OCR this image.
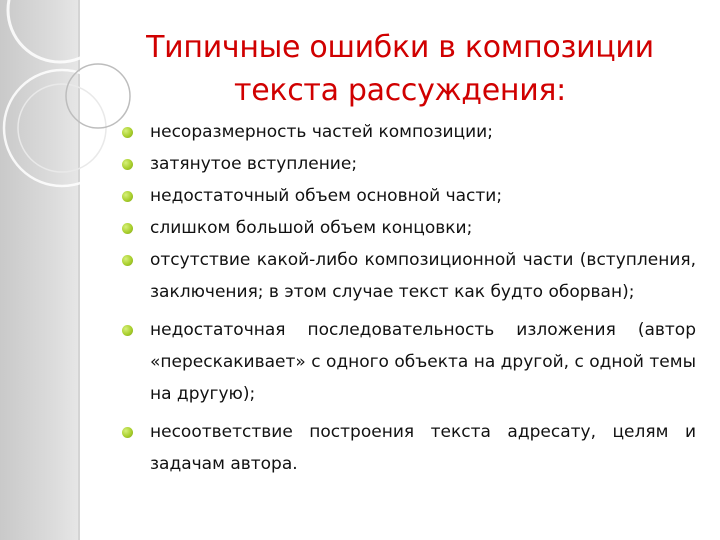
Типичные ошибки в композиции
текста рассуждения:
несоразмерность частей композиции;
затянутое вступление;
недостаточный объем основной части;
слишком большой объем концовки;
отсутствие какой-либо композиционной части (вступления, заключения; в этом случае текст как будто оборван);
недостаточная последовательность изложения (автор «перескакивает» с одного объекта на другой, с одной темы на другую);
несоответствие построения текста адресату, целям и задачам автора.
